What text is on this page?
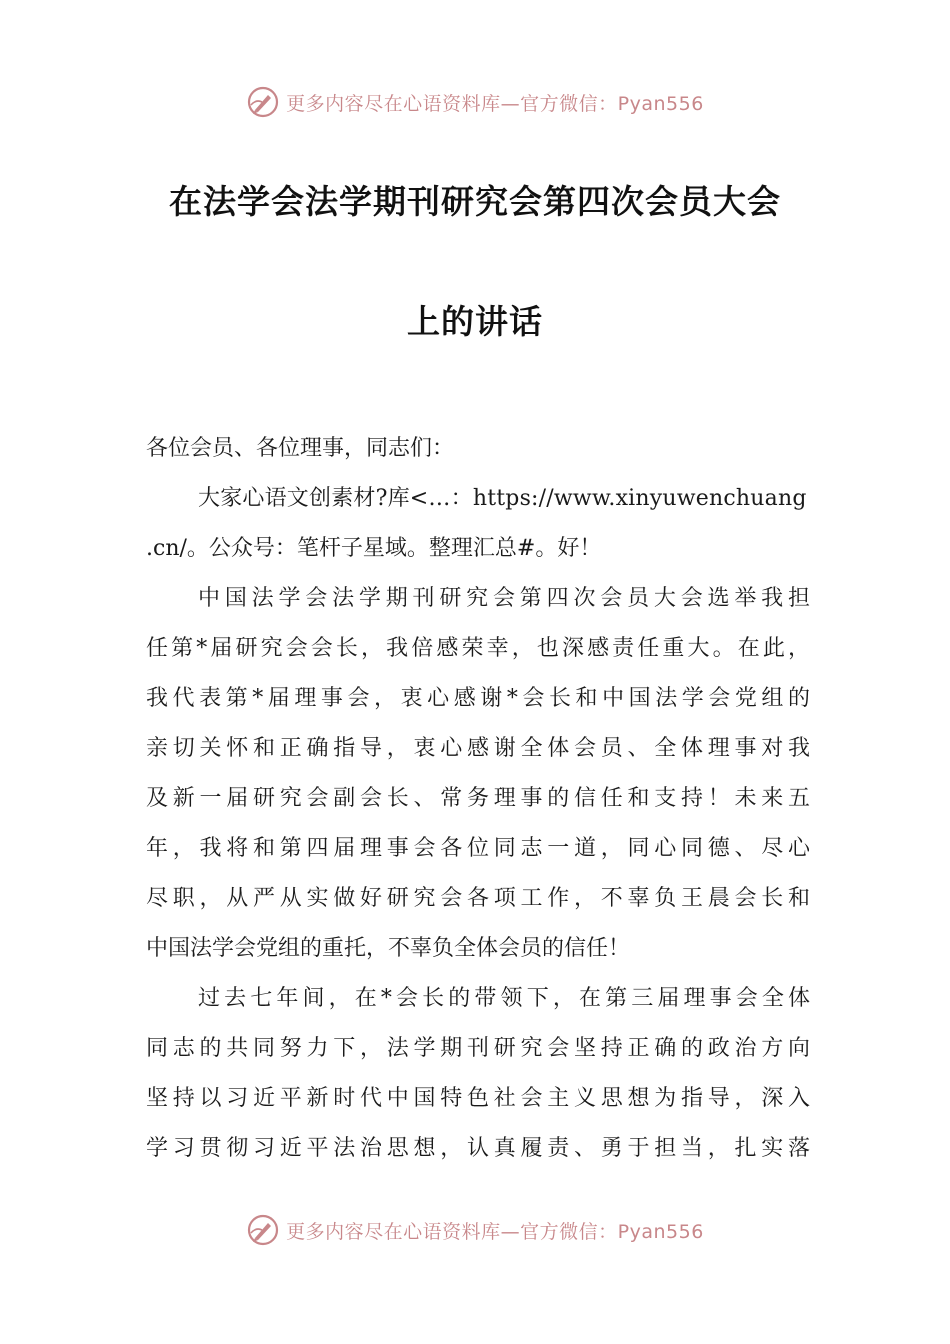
更多内容尽在心语资料库—官方微信：Pyan556
在法学会法学期刊研究会第四次会员大会
上的讲话
各位会员、各位理事，同志们：
大家心语文创素材?库<…：https://www.xinyuwenchuang
.cn/。公众号：笔杆子星域。整理汇总#。好！
中国法学会法学期刊研究会第四次会员大会选举我担
任第*届研究会会长，我倍感荣幸，也深感责任重大。在此，
我代表第*届理事会，衷心感谢*会长和中国法学会党组的
亲切关怀和正确指导，衷心感谢全体会员、全体理事对我
及新一届研究会副会长、常务理事的信任和支持！未来五
年，我将和第四届理事会各位同志一道，同心同德、尽心
尽职，从严从实做好研究会各项工作，不辜负王晨会长和
中国法学会党组的重托，不辜负全体会员的信任！
过去七年间，在*会长的带领下，在第三届理事会全体
同志的共同努力下，法学期刊研究会坚持正确的政治方向
坚持以习近平新时代中国特色社会主义思想为指导，深入
学习贯彻习近平法治思想，认真履责、勇于担当，扎实落
更多内容尽在心语资料库—官方微信：Pyan556
